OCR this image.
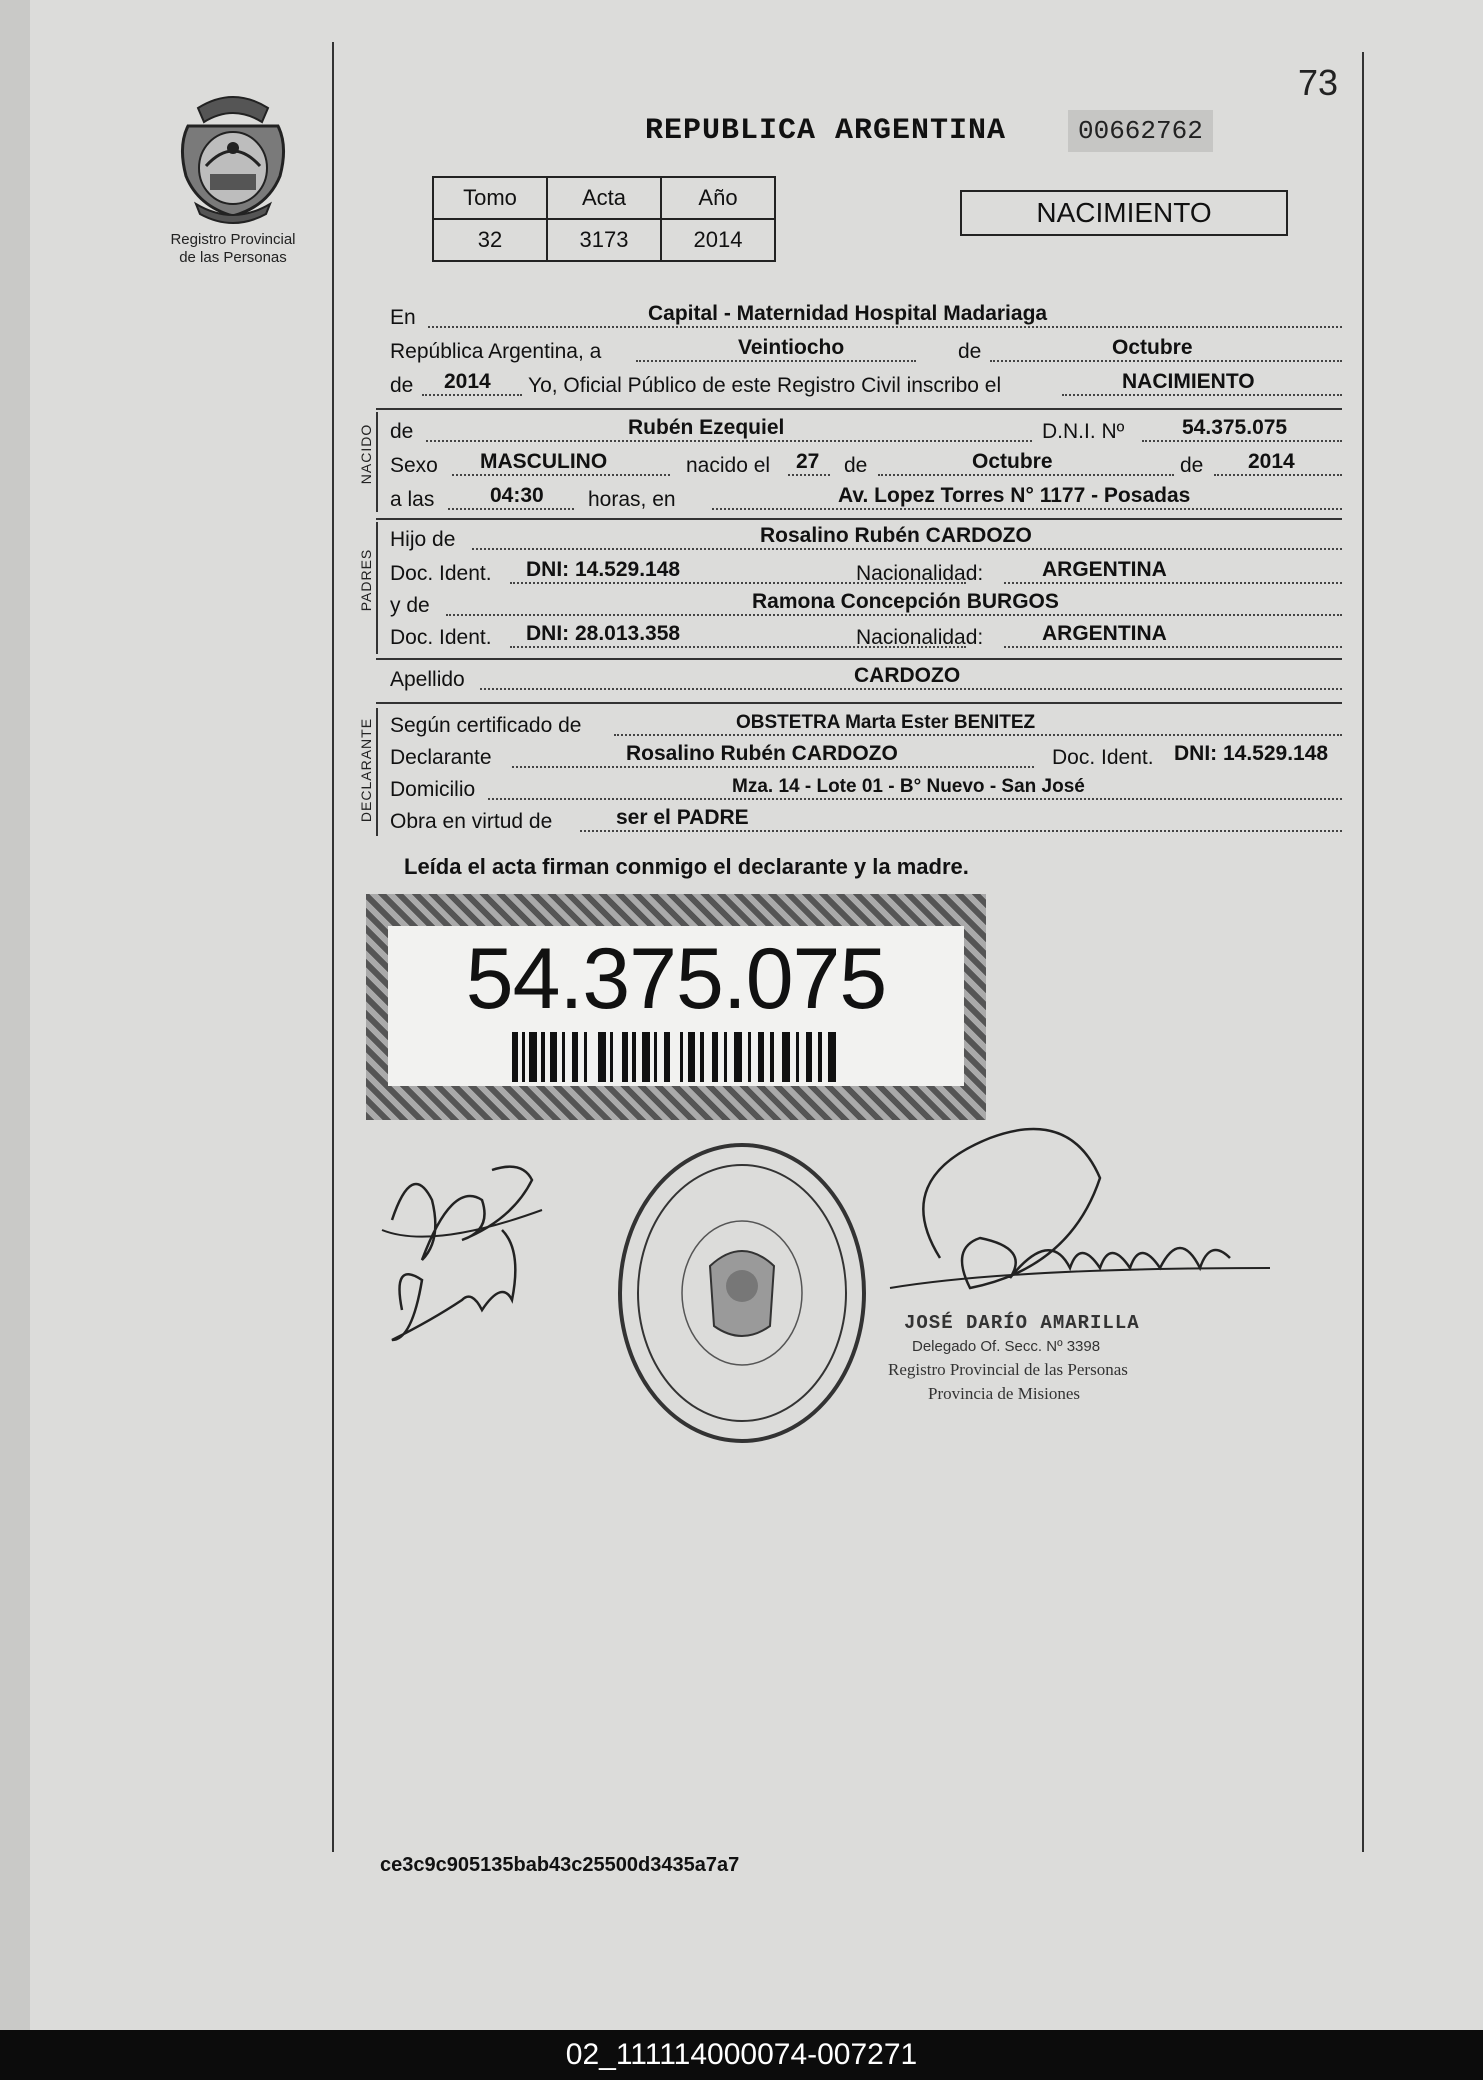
73
Registro Provincial
de las Personas
REPUBLICA ARGENTINA	00662762
Tomo	Acta	Año
32	3173	2014
NACIMIENTO
En	Capital - Maternidad Hospital Madariaga
República Argentina, a	Veintiocho	de	Octubre
de 2014 Yo, Oficial Público de este Registro Civil inscribo el	NACIMIENTO
NACIDO de	Rubén Ezequiel	D.N.I. Nº	54.375.075
Sexo MASCULINO	nacido el 27 de	Octubre	de 2014
a las	04:30 horas, en	Av. Lopez Torres N° 1177 - Posadas
PADRES
Hijo de	Rosalino Rubén CARDOZO
Doc. Ident. DNI: 14.529.148	Nacionalidad:	ARGENTINA
y de	Ramona Concepción BURGOS
Doc. Ident. DNI: 28.013.358	Nacionalidad:	ARGENTINA
Apellido	CARDOZO
DECLARANTE Según certificado de	OBSTETRA Marta Ester BENITEZ
Declarante	Rosalino Rubén CARDOZO	Doc. Ident. DNI: 14.529.148
Domicilio	Mza. 14 - Lote 01 - B° Nuevo - San José
Obra en virtud de	ser el PADRE
Leída el acta firman conmigo el declarante y la madre.
54.375.075
JOSÉ DARÍO AMARILLA
Delegado Of. Secc. Nº 3398
Registro Provincial de las Personas
Provincia de Misiones
ce3c9c905135bab43c25500d3435a7a7
02_111114000074-007271
